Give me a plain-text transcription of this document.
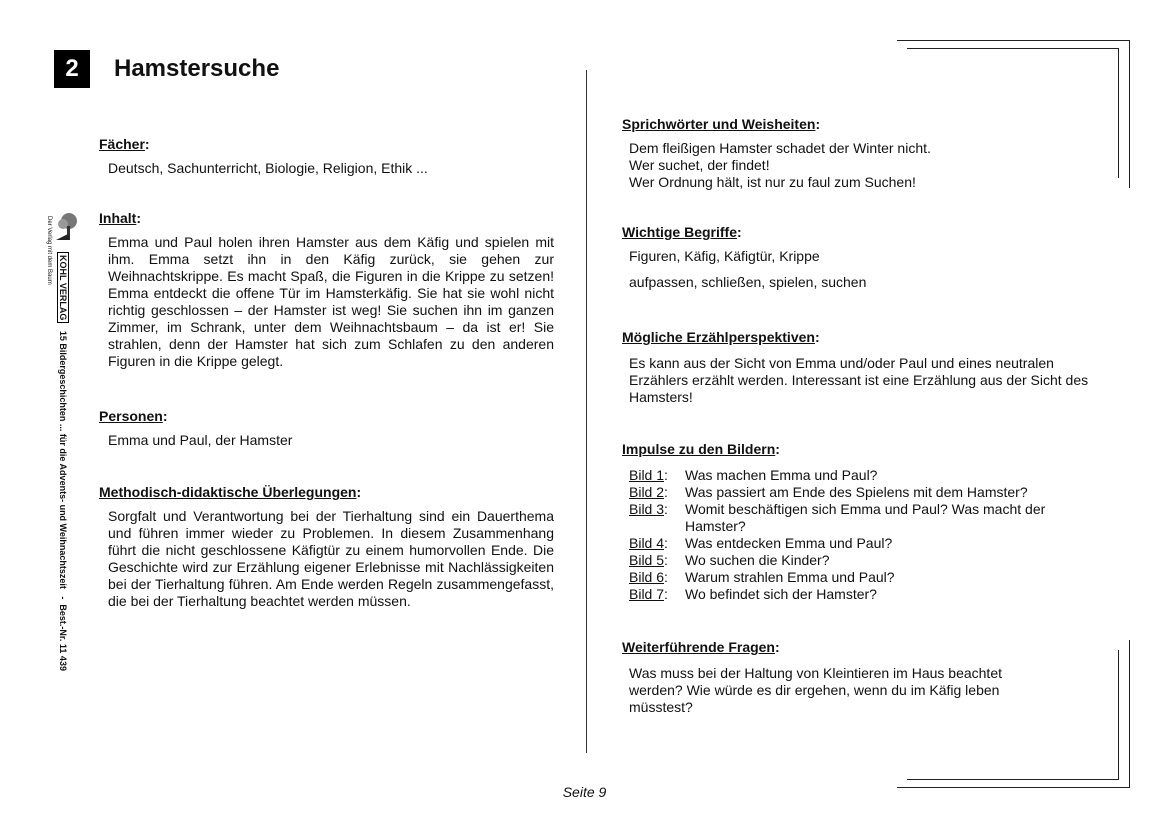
2	Hamstersuche
KOHL VERLAG   15 Bildergeschichten ... für die Advents- und Weihnachtszeit   -  Best.-Nr. 11 439
Der Verlag mit dem Baum
Fächer:
Deutsch, Sachunterricht, Biologie, Religion, Ethik ...
Inhalt:
Emma und Paul holen ihren Hamster aus dem Käfig und spielen mit ihm. Emma setzt ihn in den Käfig zurück, sie gehen zur Weihnachtskrippe. Es macht Spaß, die Figuren in die Krippe zu setzen! Emma entdeckt die offene Tür im Hamsterkäfig. Sie hat sie wohl nicht richtig geschlossen – der Hamster ist weg! Sie suchen ihn im ganzen Zimmer, im Schrank, unter dem Weihnachtsbaum – da ist er! Sie strahlen, denn der Hamster hat sich zum Schlafen zu den anderen Figuren in die Krippe gelegt.
Personen:
Emma und Paul, der Hamster
Methodisch-didaktische Überlegungen:
Sorgfalt und Verantwortung bei der Tierhaltung sind ein Dauerthema und führen immer wieder zu Problemen. In diesem Zusammenhang führt die nicht geschlossene Käfigtür zu einem humorvollen Ende. Die Geschichte wird zur Erzählung eigener Erlebnisse mit Nachlässigkeiten bei der Tierhaltung führen. Am Ende werden Regeln zusammengefasst, die bei der Tierhaltung beachtet werden müssen.
Sprichwörter und Weisheiten:
Dem fleißigen Hamster schadet der Winter nicht.
Wer suchet, der findet!
Wer Ordnung hält, ist nur zu faul zum Suchen!
Wichtige Begriffe:
Figuren, Käfig, Käfigtür, Krippe
aufpassen, schließen, spielen, suchen
Mögliche Erzählperspektiven:
Es kann aus der Sicht von Emma und/oder Paul und eines neutralen Erzählers erzählt werden. Interessant ist eine Erzählung aus der Sicht des Hamsters!
Impulse zu den Bildern:
Bild 1:	Was machen Emma und Paul?
Bild 2:	Was passiert am Ende des Spielens mit dem Hamster?
Bild 3:	Womit beschäftigen sich Emma und Paul? Was macht der Hamster?
Bild 4:	Was entdecken Emma und Paul?
Bild 5:	Wo suchen die Kinder?
Bild 6:	Warum strahlen Emma und Paul?
Bild 7:	Wo befindet sich der Hamster?
Weiterführende Fragen:
Was muss bei der Haltung von Kleintieren im Haus beachtet werden? Wie würde es dir ergehen, wenn du im Käfig leben müsstest?
Seite 9
